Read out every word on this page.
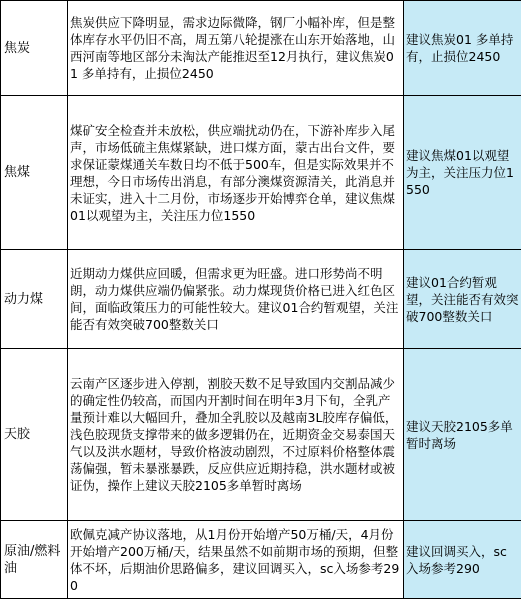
焦炭	焦炭供应下降明显，需求边际微降，钢厂小幅补库，但是整体库存水平仍旧不高，周五第八轮提涨在山东开始落地，山西河南等地区部分未淘汰产能推迟至12月执行，建议焦炭01 多单持有，止损位2450	建议焦炭01 多单持有，止损位2450
焦煤	煤矿安全检查并未放松，供应端扰动仍在，下游补库步入尾声，市场低硫主焦煤紧缺，进口煤方面，蒙古出台文件，要求保证蒙煤通关车数日均不低于500车，但是实际效果并不理想，今日市场传出消息，有部分澳煤资源清关，此消息并未证实，进入十二月份，市场逐步开始博弈仓单，建议焦煤01以观望为主，关注压力位1550	建议焦煤01以观望为主，关注压力位1550
动力煤	近期动力煤供应回暖，但需求更为旺盛。进口形势尚不明朗，动力煤供应端仍偏紧张。动力煤现货价格已进入红色区间，面临政策压力的可能性较大。建议01合约暂观望，关注能否有效突破700整数关口	建议01合约暂观望，关注能否有效突破700整数关口
天胶	云南产区逐步进入停割，割胶天数不足导致国内交割品减少的确定性仍较高，而国内开割时间在明年3月下旬，全乳产量预计难以大幅回升，叠加全乳胶以及越南3L胶库存偏低，浅色胶现货支撑带来的做多逻辑仍在，近期资金交易泰国天气以及洪水题材，导致价格波动剧烈，不过原料价格整体震荡偏强，暂未暴涨暴跌，反应供应近期持稳，洪水题材或被证伪，操作上建议天胶2105多单暂时离场	建议天胶2105多单暂时离场
原油/燃料油	欧佩克减产协议落地，从1月份开始增产50万桶/天，4月份开始增产200万桶/天，结果虽然不如前期市场的预期，但整体不坏，后期油价思路偏多，建议回调买入，sc入场参考290	建议回调买入，sc入场参考290
